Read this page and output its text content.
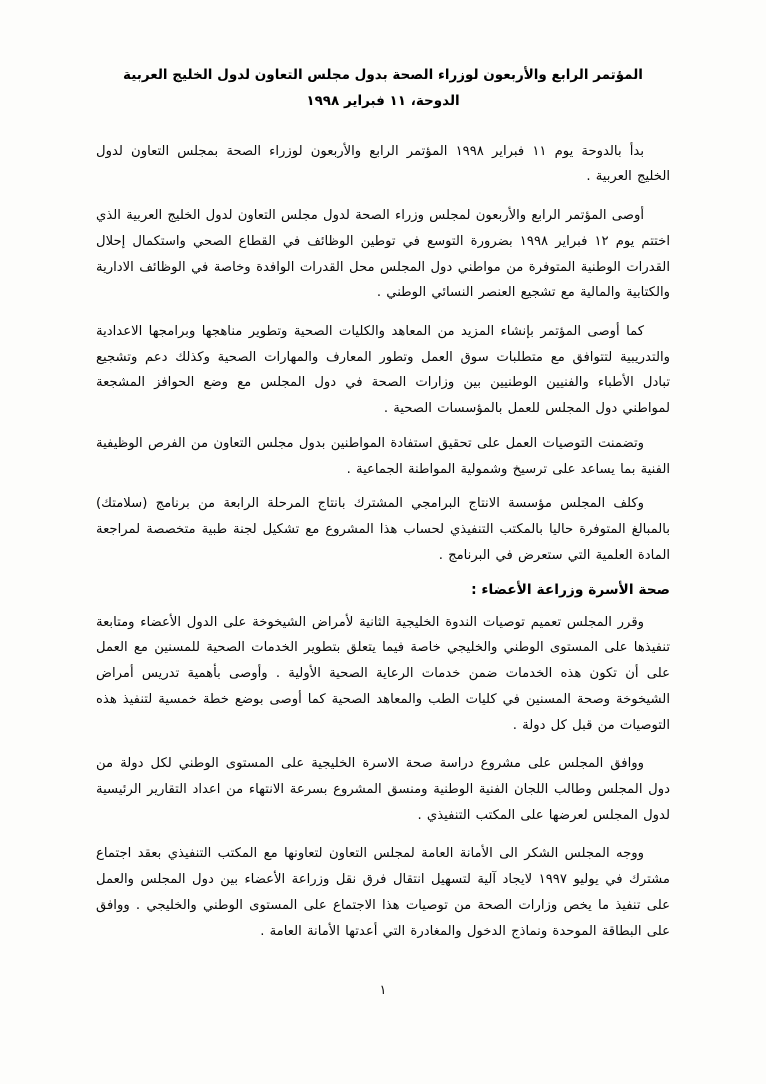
المؤتمر الرابع والأربعون لوزراء الصحة بدول مجلس التعاون لدول الخليج العربية
الدوحة، ١١ فبراير ١٩٩٨

بدأ بالدوحة يوم ١١ فبراير ١٩٩٨ المؤتمر الرابع والأربعون لوزراء الصحة بمجلس التعاون لدول الخليج العربية .

أوصى المؤتمر الرابع والأربعون لمجلس وزراء الصحة لدول مجلس التعاون لدول الخليج العربية الذي اختتم يوم ١٢ فبراير ١٩٩٨ بضرورة التوسع في توطين الوظائف في القطاع الصحي واستكمال إحلال القدرات الوطنية المتوفرة من مواطني دول المجلس محل القدرات الوافدة وخاصة في الوظائف الادارية والكتابية والمالية مع تشجيع العنصر النسائي الوطني .

كما أوصى المؤتمر بإنشاء المزيد من المعاهد والكليات الصحية وتطوير مناهجها وبرامجها الاعدادية والتدريبية لتتوافق مع متطلبات سوق العمل وتطور المعارف والمهارات الصحية وكذلك دعم وتشجيع تبادل الأطباء والفنيين الوطنيين بين وزارات الصحة في دول المجلس مع وضع الحوافز المشجعة لمواطني دول المجلس للعمل بالمؤسسات الصحية .

وتضمنت التوصيات العمل على تحقيق استفادة المواطنين بدول مجلس التعاون من الفرص الوظيفية الفنية بما يساعد على ترسيخ وشمولية المواطنة الجماعية .

وكلف المجلس مؤسسة الانتاج البرامجي المشترك بانتاج المرحلة الرابعة من برنامج (سلامتك) بالمبالغ المتوفرة حاليا بالمكتب التنفيذي لحساب هذا المشروع مع تشكيل لجنة طبية متخصصة لمراجعة المادة العلمية التي ستعرض في البرنامج .

صحة الأسرة وزراعة الأعضاء :

وقرر المجلس تعميم توصيات الندوة الخليجية الثانية لأمراض الشيخوخة على الدول الأعضاء ومتابعة تنفيذها على المستوى الوطني والخليجي خاصة فيما يتعلق بتطوير الخدمات الصحية للمسنين مع العمل على أن تكون هذه الخدمات ضمن خدمات الرعاية الصحية الأولية . وأوصى بأهمية تدريس أمراض الشيخوخة وصحة المسنين في كليات الطب والمعاهد الصحية كما أوصى بوضع خطة خمسية لتنفيذ هذه التوصيات من قبل كل دولة .

ووافق المجلس على مشروع دراسة صحة الاسرة الخليجية على المستوى الوطني لكل دولة من دول المجلس وطالب اللجان الفنية الوطنية ومنسق المشروع بسرعة الانتهاء من اعداد التقارير الرئيسية لدول المجلس لعرضها على المكتب التنفيذي .

ووجه المجلس الشكر الى الأمانة العامة لمجلس التعاون لتعاونها مع المكتب التنفيذي بعقد اجتماع مشترك في يوليو ١٩٩٧ لايجاد آلية لتسهيل انتقال فرق نقل وزراعة الأعضاء بين دول المجلس والعمل على تنفيذ ما يخص وزارات الصحة من توصيات هذا الاجتماع على المستوى الوطني والخليجي . ووافق على البطاقة الموحدة ونماذج الدخول والمغادرة التي أعدتها الأمانة العامة .

١
